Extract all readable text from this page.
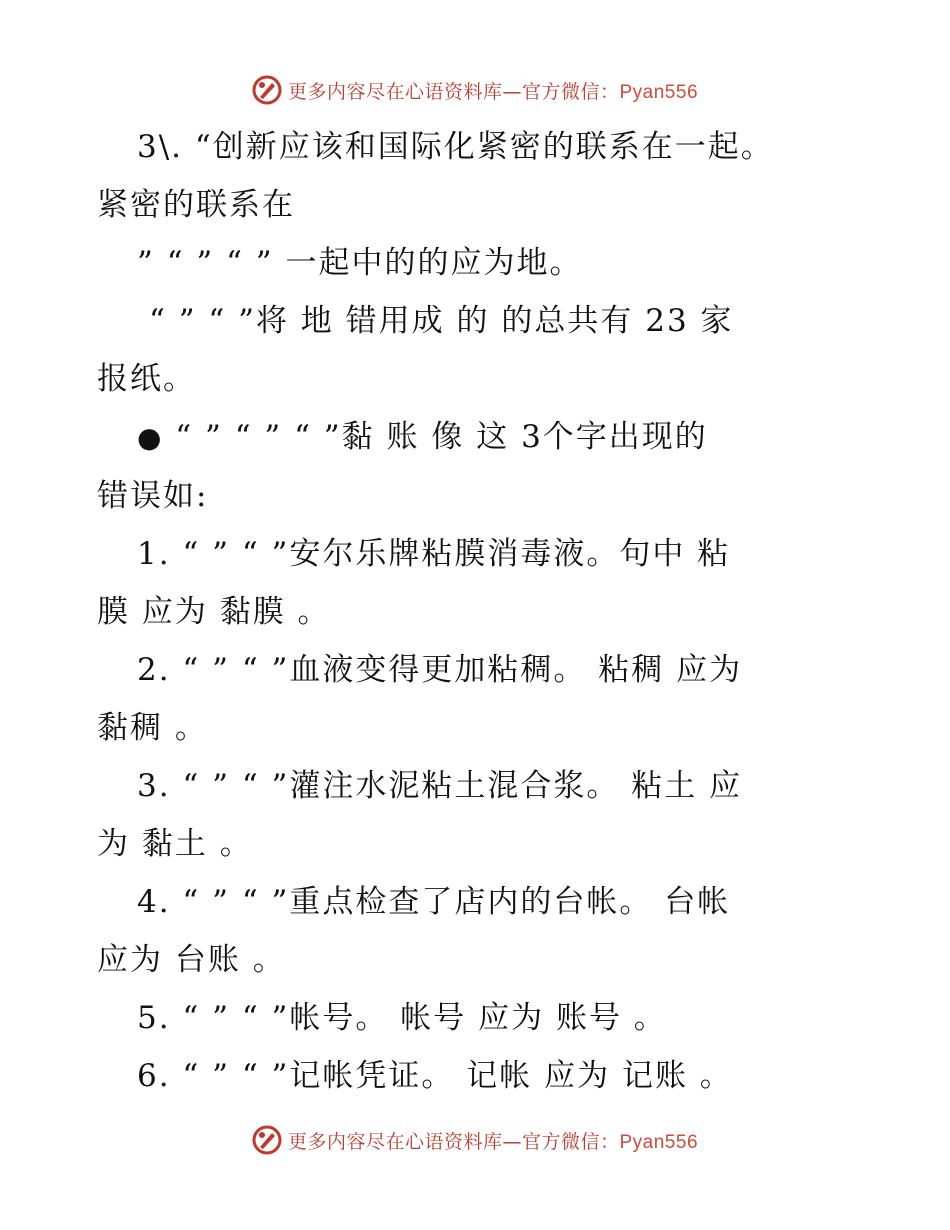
更多内容尽在心语资料库—官方微信：Pyan556

3\. “创新应该和国际化紧密的联系在一起。

紧密的联系在

” “ ” “ ” 一起中的的应为地。

“ ” “ ”将 地 错用成 的 的总共有 23 家

报纸。

● “ ” “ ” “ ”黏 账 像 这 3个字出现的

错误如:

1. “ ” “ ”安尔乐牌粘膜消毒液。句中 粘

膜 应为 黏膜 。

2. “ ” “ ”血液变得更加粘稠。 粘稠 应为

黏稠 。

3. “ ” “ ”灌注水泥粘土混合浆。 粘土 应

为 黏土 。

4. “ ” “ ”重点检查了店内的台帐。 台帐

应为 台账 。

5. “ ” “ ”帐号。 帐号 应为 账号 。

6. “ ” “ ”记帐凭证。 记帐 应为 记账 。

更多内容尽在心语资料库—官方微信：Pyan556
